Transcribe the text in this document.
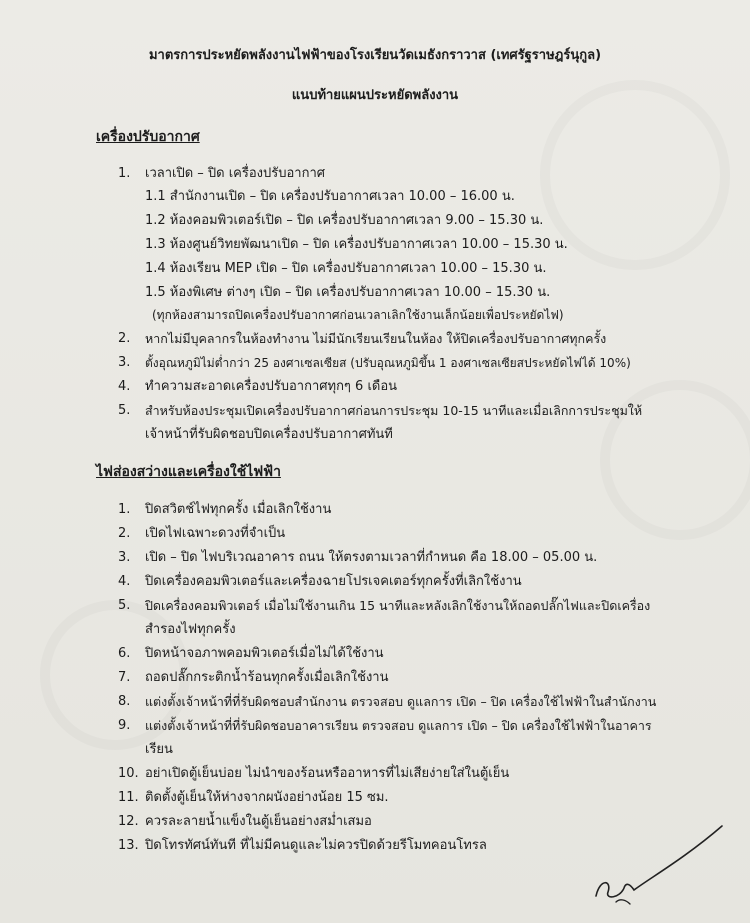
มาตรการประหยัดพลังงานไฟฟ้าของโรงเรียนวัดเมธังกราวาส (เทศรัฐราษฎร์นุกูล)
แนบท้ายแผนประหยัดพลังงาน
เครื่องปรับอากาศ
1. เวลาเปิด – ปิด เครื่องปรับอากาศ
1.1 สำนักงานเปิด – ปิด เครื่องปรับอากาศเวลา 10.00 – 16.00 น.
1.2 ห้องคอมพิวเตอร์เปิด – ปิด เครื่องปรับอากาศเวลา 9.00 – 15.30 น.
1.3 ห้องศูนย์วิทยพัฒนาเปิด – ปิด เครื่องปรับอากาศเวลา 10.00 – 15.30 น.
1.4 ห้องเรียน MEP เปิด – ปิด เครื่องปรับอากาศเวลา 10.00 – 15.30 น.
1.5 ห้องพิเศษ ต่างๆ เปิด – ปิด เครื่องปรับอากาศเวลา 10.00 – 15.30 น.
(ทุกห้องสามารถปิดเครื่องปรับอากาศก่อนเวลาเลิกใช้งานเล็กน้อยเพื่อประหยัดไฟ)
2. หากไม่มีบุคลากรในห้องทำงาน ไม่มีนักเรียนเรียนในห้อง ให้ปิดเครื่องปรับอากาศทุกครั้ง
3. ตั้งอุณหภูมิไม่ต่ำกว่า 25 องศาเซลเซียส (ปรับอุณหภูมิขึ้น 1 องศาเซลเซียสประหยัดไฟได้ 10%)
4. ทำความสะอาดเครื่องปรับอากาศทุกๆ 6 เดือน
5. สำหรับห้องประชุมเปิดเครื่องปรับอากาศก่อนการประชุม 10-15 นาทีและเมื่อเลิกการประชุมให้
เจ้าหน้าที่รับผิดชอบปิดเครื่องปรับอากาศทันที
ไฟส่องสว่างและเครื่องใช้ไฟฟ้า
1. ปิดสวิตช์ไฟทุกครั้ง เมื่อเลิกใช้งาน
2. เปิดไฟเฉพาะดวงที่จำเป็น
3. เปิด – ปิด ไฟบริเวณอาคาร ถนน ให้ตรงตามเวลาที่กำหนด คือ 18.00 – 05.00 น.
4. ปิดเครื่องคอมพิวเตอร์และเครื่องฉายโปรเจคเตอร์ทุกครั้งที่เลิกใช้งาน
5. ปิดเครื่องคอมพิวเตอร์ เมื่อไม่ใช้งานเกิน 15 นาทีและหลังเลิกใช้งานให้ถอดปลั๊กไฟและปิดเครื่อง
สำรองไฟทุกครั้ง
6. ปิดหน้าจอภาพคอมพิวเตอร์เมื่อไม่ได้ใช้งาน
7. ถอดปลั๊กกระติกน้ำร้อนทุกครั้งเมื่อเลิกใช้งาน
8. แต่งตั้งเจ้าหน้าที่ที่รับผิดชอบสำนักงาน ตรวจสอบ ดูแลการ เปิด – ปิด เครื่องใช้ไฟฟ้าในสำนักงาน
9. แต่งตั้งเจ้าหน้าที่ที่รับผิดชอบอาคารเรียน ตรวจสอบ ดูแลการ เปิด – ปิด เครื่องใช้ไฟฟ้าในอาคาร
เรียน
10. อย่าเปิดตู้เย็นบ่อย ไม่นำของร้อนหรืออาหารที่ไม่เสียง่ายใส่ในตู้เย็น
11. ติดตั้งตู้เย็นให้ห่างจากผนังอย่างน้อย 15 ซม.
12. ควรละลายน้ำแข็งในตู้เย็นอย่างสม่ำเสมอ
13. ปิดโทรทัศน์ทันที ที่ไม่มีคนดูและไม่ควรปิดด้วยรีโมทคอนโทรล
